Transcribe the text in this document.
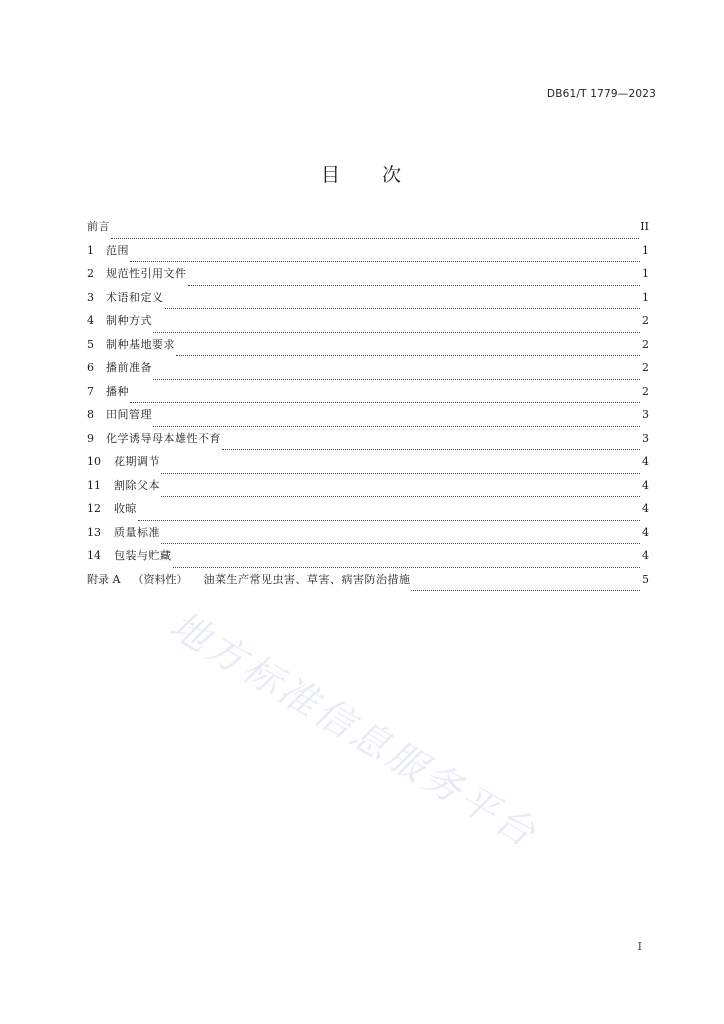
DB61/T 1779—2023
目 次
前言	II
1	范围	1
2	规范性引用文件	1
3	术语和定义	1
4	制种方式	2
5	制种基地要求	2
6	播前准备	2
7	播种	2
8	田间管理	3
9	化学诱导母本雄性不育	3
10	花期调节	4
11	割除父本	4
12	收晾	4
13	质量标准	4
14	包装与贮藏	4
附录 A	（资料性）	油菜生产常见虫害、草害、病害防治措施	5
地方标准信息服务平台
I
